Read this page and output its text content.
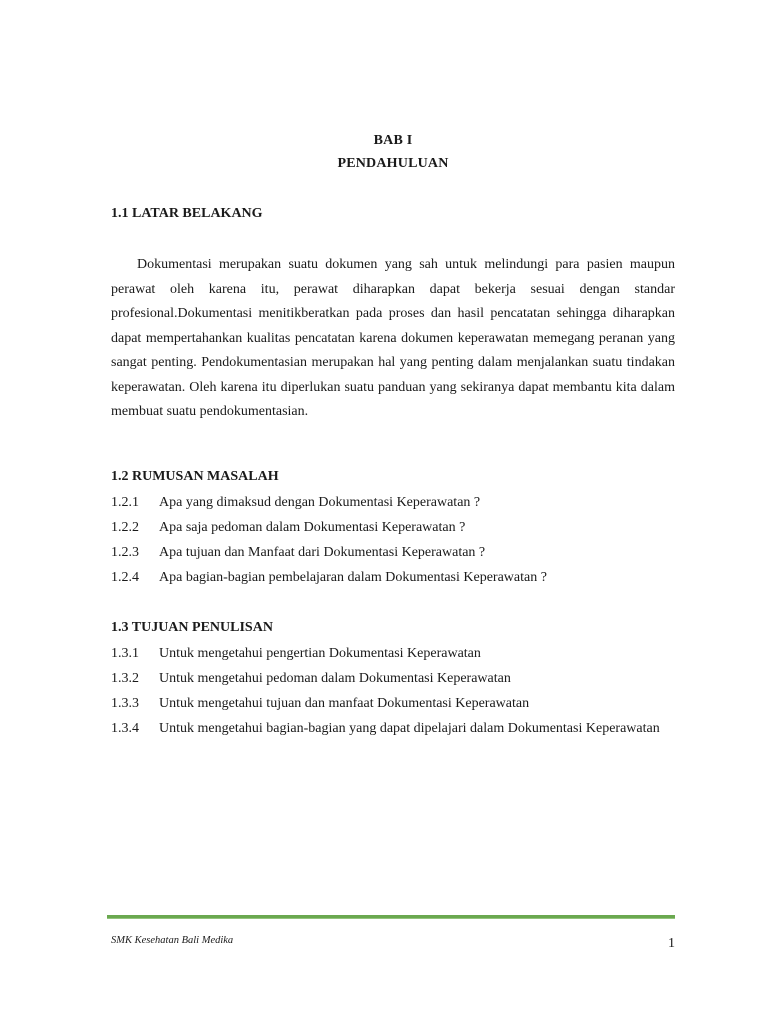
BAB I
PENDAHULUAN
1.1 LATAR BELAKANG
Dokumentasi merupakan suatu dokumen yang sah untuk melindungi para pasien maupun perawat oleh karena itu, perawat diharapkan dapat bekerja sesuai dengan standar profesional.Dokumentasi menitikberatkan pada proses dan hasil pencatatan sehingga diharapkan dapat mempertahankan kualitas pencatatan karena dokumen keperawatan memegang peranan yang sangat penting. Pendokumentasian merupakan hal yang penting dalam menjalankan suatu tindakan keperawatan. Oleh karena itu diperlukan suatu panduan yang sekiranya dapat membantu kita dalam membuat suatu pendokumentasian.
1.2 RUMUSAN MASALAH
1.2.1	Apa yang dimaksud dengan Dokumentasi Keperawatan ?
1.2.2	Apa saja pedoman dalam Dokumentasi Keperawatan ?
1.2.3	Apa tujuan dan Manfaat dari Dokumentasi Keperawatan ?
1.2.4	Apa bagian-bagian pembelajaran dalam Dokumentasi Keperawatan ?
1.3 TUJUAN PENULISAN
1.3.1	Untuk mengetahui pengertian Dokumentasi Keperawatan
1.3.2	Untuk mengetahui pedoman dalam Dokumentasi Keperawatan
1.3.3	Untuk mengetahui tujuan dan manfaat Dokumentasi Keperawatan
1.3.4	Untuk mengetahui bagian-bagian yang dapat dipelajari dalam Dokumentasi Keperawatan
SMK Kesehatan Bali Medika	1
